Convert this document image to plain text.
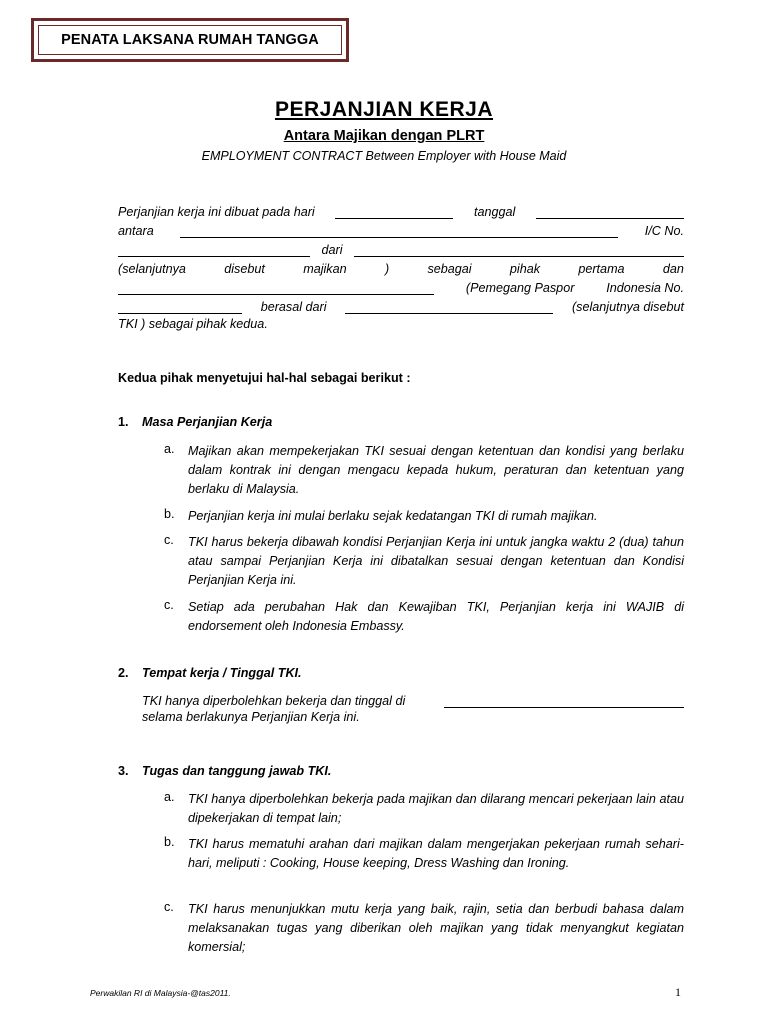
PENATA LAKSANA RUMAH TANGGA
PERJANJIAN KERJA
Antara Majikan dengan PLRT
EMPLOYMENT CONTRACT Between Employer with House Maid
Perjanjian kerja ini dibuat pada hari	tanggal
antara	I/C No.
dari
(selanjutnya	disebut	majikan	)	sebagai	pihak	pertama	dan
(Pemegang Paspor	Indonesia No.
berasal dari	(selanjutnya disebut
TKI ) sebagai pihak kedua.
Kedua pihak menyetujui hal-hal sebagai berikut :
1. Masa Perjanjian Kerja
a. Majikan akan mempekerjakan TKI sesuai dengan ketentuan dan kondisi yang berlaku dalam kontrak ini dengan mengacu kepada hukum, peraturan dan ketentuan yang berlaku di Malaysia.
b. Perjanjian kerja ini mulai berlaku sejak kedatangan TKI di rumah majikan.
c. TKI harus bekerja dibawah kondisi Perjanjian Kerja ini untuk jangka waktu 2 (dua) tahun atau sampai Perjanjian Kerja ini dibatalkan sesuai dengan ketentuan dan Kondisi Perjanjian Kerja ini.
c. Setiap ada perubahan Hak dan Kewajiban TKI, Perjanjian kerja ini WAJIB di endorsement oleh Indonesia Embassy.
2. Tempat kerja / Tinggal TKI.
TKI hanya diperbolehkan bekerja dan tinggal di
selama berlakunya Perjanjian Kerja ini.
3. Tugas dan tanggung jawab TKI.
a. TKI hanya diperbolehkan bekerja pada majikan dan dilarang mencari pekerjaan lain atau dipekerjakan di tempat lain;
b. TKI harus mematuhi arahan dari majikan dalam mengerjakan pekerjaan rumah sehari-hari, meliputi : Cooking, House keeping, Dress Washing dan Ironing.
c. TKI harus menunjukkan mutu kerja yang baik, rajin, setia dan berbudi bahasa dalam melaksanakan tugas yang diberikan oleh majikan yang tidak menyangkut kegiatan komersial;
Perwakilan RI di Malaysia-@tas2011.	1
